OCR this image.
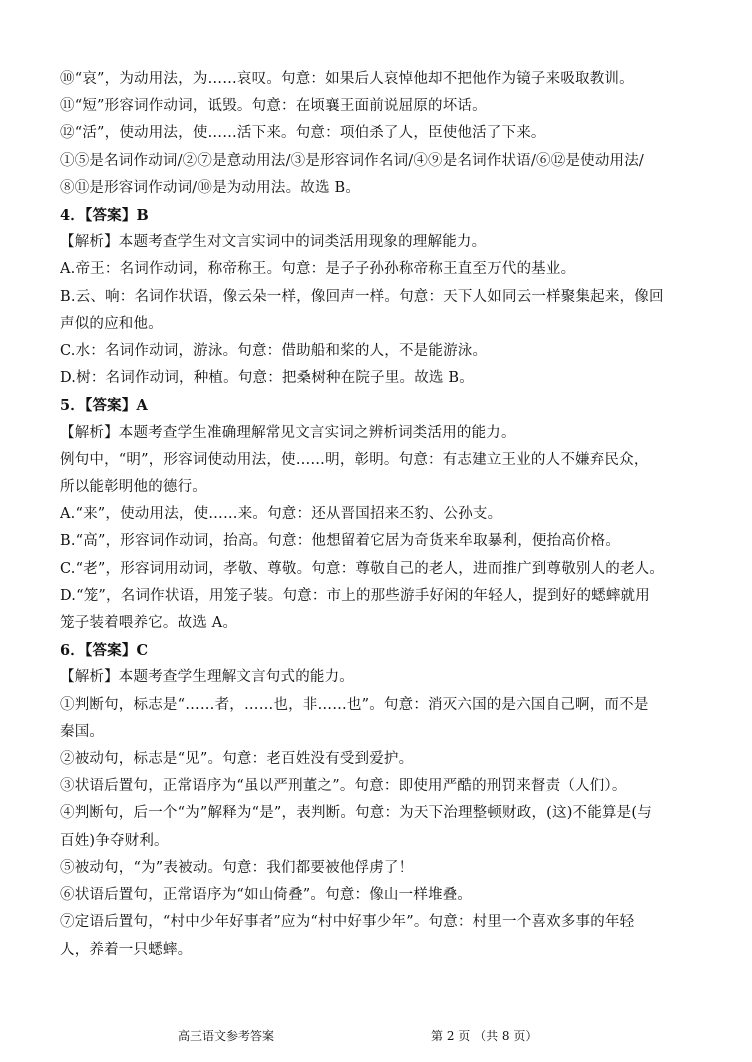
⑩“哀”，为动用法，为……哀叹。句意：如果后人哀悼他却不把他作为镜子来吸取教训。
⑪“短”形容词作动词，诋毁。句意：在顷襄王面前说屈原的坏话。
⑫“活”，使动用法，使……活下来。句意：项伯杀了人，臣使他活了下来。
①⑤是名词作动词/②⑦是意动用法/③是形容词作名词/④⑨是名词作状语/⑥⑫是使动用法/
⑧⑪是形容词作动词/⑩是为动用法。故选 B。
4．【答案】B
【解析】本题考查学生对文言实词中的词类活用现象的理解能力。
A.帝王：名词作动词，称帝称王。句意：是子子孙孙称帝称王直至万代的基业。
B.云、响：名词作状语，像云朵一样，像回声一样。句意：天下人如同云一样聚集起来，像回
声似的应和他。
C.水：名词作动词，游泳。句意：借助船和桨的人，不是能游泳。
D.树：名词作动词，种植。句意：把桑树种在院子里。故选 B。
5．【答案】A
【解析】本题考查学生准确理解常见文言实词之辨析词类活用的能力。
例句中，“明”，形容词使动用法，使……明，彰明。句意：有志建立王业的人不嫌弃民众，
所以能彰明他的德行。
A.“来”，使动用法，使……来。句意：还从晋国招来丕豹、公孙支。
B.“高”，形容词作动词，抬高。句意：他想留着它居为奇货来牟取暴利，便抬高价格。
C.“老”，形容词用动词，孝敬、尊敬。句意：尊敬自己的老人，进而推广到尊敬别人的老人。
D.“笼”，名词作状语，用笼子装。句意：市上的那些游手好闲的年轻人，提到好的蟋蟀就用
笼子装着喂养它。故选 A。
6．【答案】C
【解析】本题考查学生理解文言句式的能力。
①判断句，标志是“……者，……也，非……也”。句意：消灭六国的是六国自己啊，而不是
秦国。
②被动句，标志是“见”。句意：老百姓没有受到爱护。
③状语后置句，正常语序为“虽以严刑董之”。句意：即使用严酷的刑罚来督责（人们）。
④判断句，后一个“为”解释为“是”，表判断。句意：为天下治理整顿财政，(这)不能算是(与
百姓)争夺财利。
⑤被动句，“为”表被动。句意：我们都要被他俘虏了！
⑥状语后置句，正常语序为“如山倚叠”。句意：像山一样堆叠。
⑦定语后置句，“村中少年好事者”应为“村中好事少年”。句意：村里一个喜欢多事的年轻
人，养着一只蟋蟀。
高三语文参考答案	第 2 页 （共 8 页）
